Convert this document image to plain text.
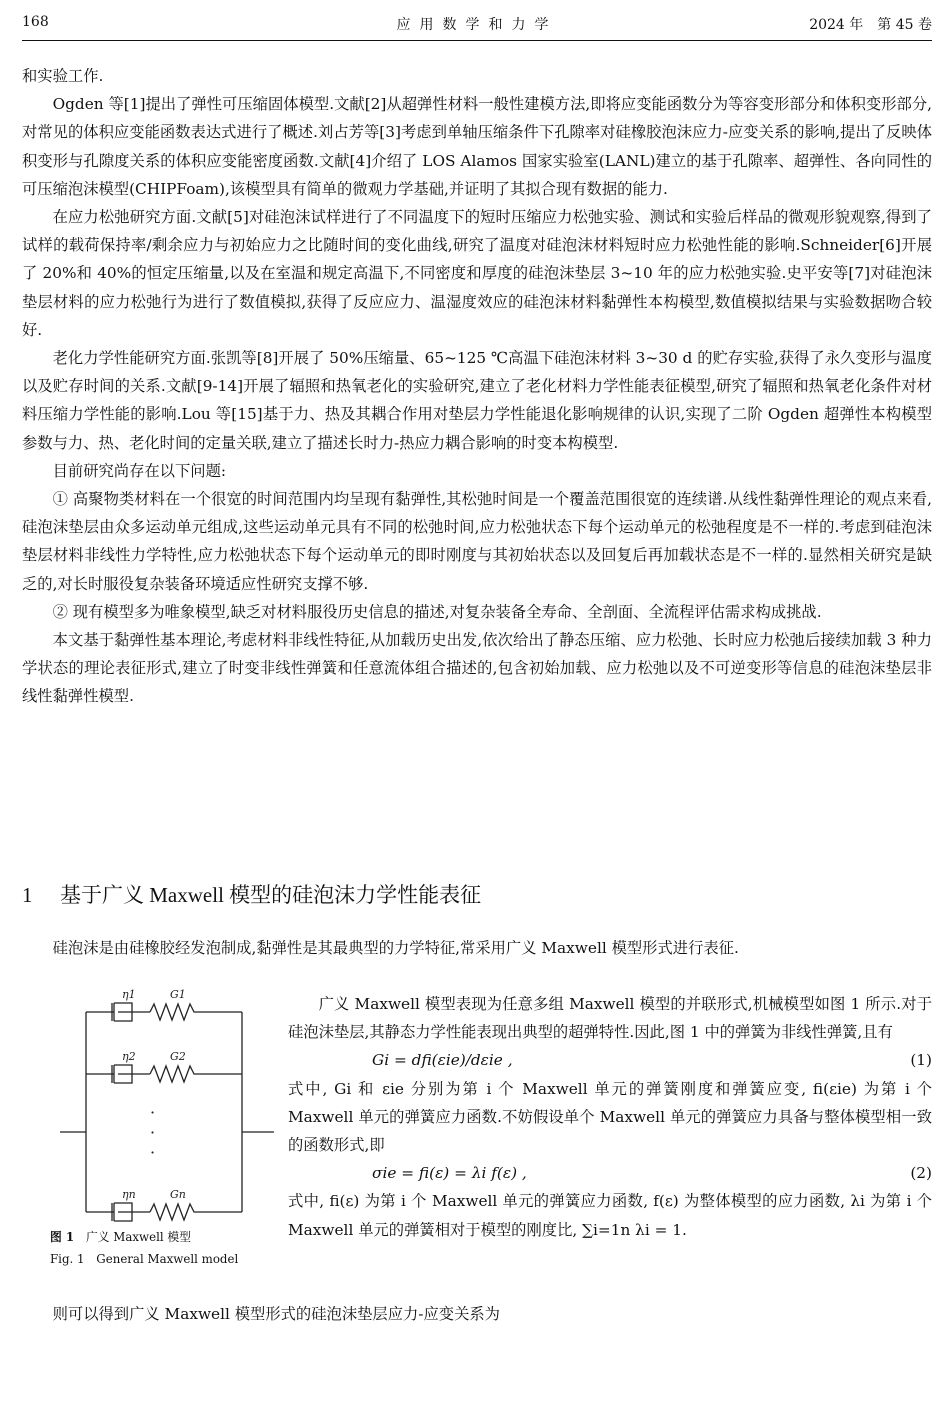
168	应用数学和力学	2024 年　第 45 卷

和实验工作.

Ogden 等[1]提出了弹性可压缩固体模型.文献[2]从超弹性材料一般性建模方法,即将应变能函数分为等容变形部分和体积变形部分,对常见的体积应变能函数表达式进行了概述.刘占芳等[3]考虑到单轴压缩条件下孔隙率对硅橡胶泡沫应力-应变关系的影响,提出了反映体积变形与孔隙度关系的体积应变能密度函数.文献[4]介绍了 LOS Alamos 国家实验室(LANL)建立的基于孔隙率、超弹性、各向同性的可压缩泡沫模型(CHIPFoam),该模型具有简单的微观力学基础,并证明了其拟合现有数据的能力.

在应力松弛研究方面.文献[5]对硅泡沫试样进行了不同温度下的短时压缩应力松弛实验、测试和实验后样品的微观形貌观察,得到了试样的载荷保持率/剩余应力与初始应力之比随时间的变化曲线,研究了温度对硅泡沫材料短时应力松弛性能的影响.Schneider[6]开展了 20%和 40%的恒定压缩量,以及在室温和规定高温下,不同密度和厚度的硅泡沫垫层 3~10 年的应力松弛实验.史平安等[7]对硅泡沫垫层材料的应力松弛行为进行了数值模拟,获得了反应应力、温湿度效应的硅泡沫材料黏弹性本构模型,数值模拟结果与实验数据吻合较好.

老化力学性能研究方面.张凯等[8]开展了 50%压缩量、65~125 ℃高温下硅泡沫材料 3~30 d 的贮存实验,获得了永久变形与温度以及贮存时间的关系.文献[9-14]开展了辐照和热氧老化的实验研究,建立了老化材料力学性能表征模型,研究了辐照和热氧老化条件对材料压缩力学性能的影响.Lou 等[15]基于力、热及其耦合作用对垫层力学性能退化影响规律的认识,实现了二阶 Ogden 超弹性本构模型参数与力、热、老化时间的定量关联,建立了描述长时力-热应力耦合影响的时变本构模型.

目前研究尚存在以下问题:

① 高聚物类材料在一个很宽的时间范围内均呈现有黏弹性,其松弛时间是一个覆盖范围很宽的连续谱.从线性黏弹性理论的观点来看,硅泡沫垫层由众多运动单元组成,这些运动单元具有不同的松弛时间,应力松弛状态下每个运动单元的松弛程度是不一样的.考虑到硅泡沫垫层材料非线性力学特性,应力松弛状态下每个运动单元的即时刚度与其初始状态以及回复后再加载状态是不一样的.显然相关研究是缺乏的,对长时服役复杂装备环境适应性研究支撑不够.

② 现有模型多为唯象模型,缺乏对材料服役历史信息的描述,对复杂装备全寿命、全剖面、全流程评估需求构成挑战.

本文基于黏弹性基本理论,考虑材料非线性特征,从加载历史出发,依次给出了静态压缩、应力松弛、长时应力松弛后接续加载 3 种力学状态的理论表征形式,建立了时变非线性弹簧和任意流体组合描述的,包含初始加载、应力松弛以及不可逆变形等信息的硅泡沫垫层非线性黏弹性模型.

1 基于广义 Maxwell 模型的硅泡沫力学性能表征

硅泡沫是由硅橡胶经发泡制成,黏弹性是其最典型的力学特征,常采用广义 Maxwell 模型形式进行表征.

η1	G1
η2	G2
ηn	Gn
·
·
·
图 1　 广义 Maxwell 模型
Fig. 1　General Maxwell model

广义 Maxwell 模型表现为任意多组 Maxwell 模型的并联形式,机械模型如图 1 所示.对于硅泡沫垫层,其静态力学性能表现出典型的超弹特性.因此,图 1 中的弹簧为非线性弹簧,且有

Gi = dfi(εie)/dεie ,	(1)

式中, Gi 和 εie 分别为第 i 个 Maxwell 单元的弹簧刚度和弹簧应变, fi(εie) 为第 i 个 Maxwell 单元的弹簧应力函数.不妨假设单个 Maxwell 单元的弹簧应力具备与整体模型相一致的函数形式,即

σie = fi(ε) = λi f(ε) ,	(2)

式中, fi(ε) 为第 i 个 Maxwell 单元的弹簧应力函数, f(ε) 为整体模型的应力函数, λi 为第 i 个 Maxwell 单元的弹簧相对于模型的刚度比, ∑i=1n λi = 1.

则可以得到广义 Maxwell 模型形式的硅泡沫垫层应力-应变关系为
